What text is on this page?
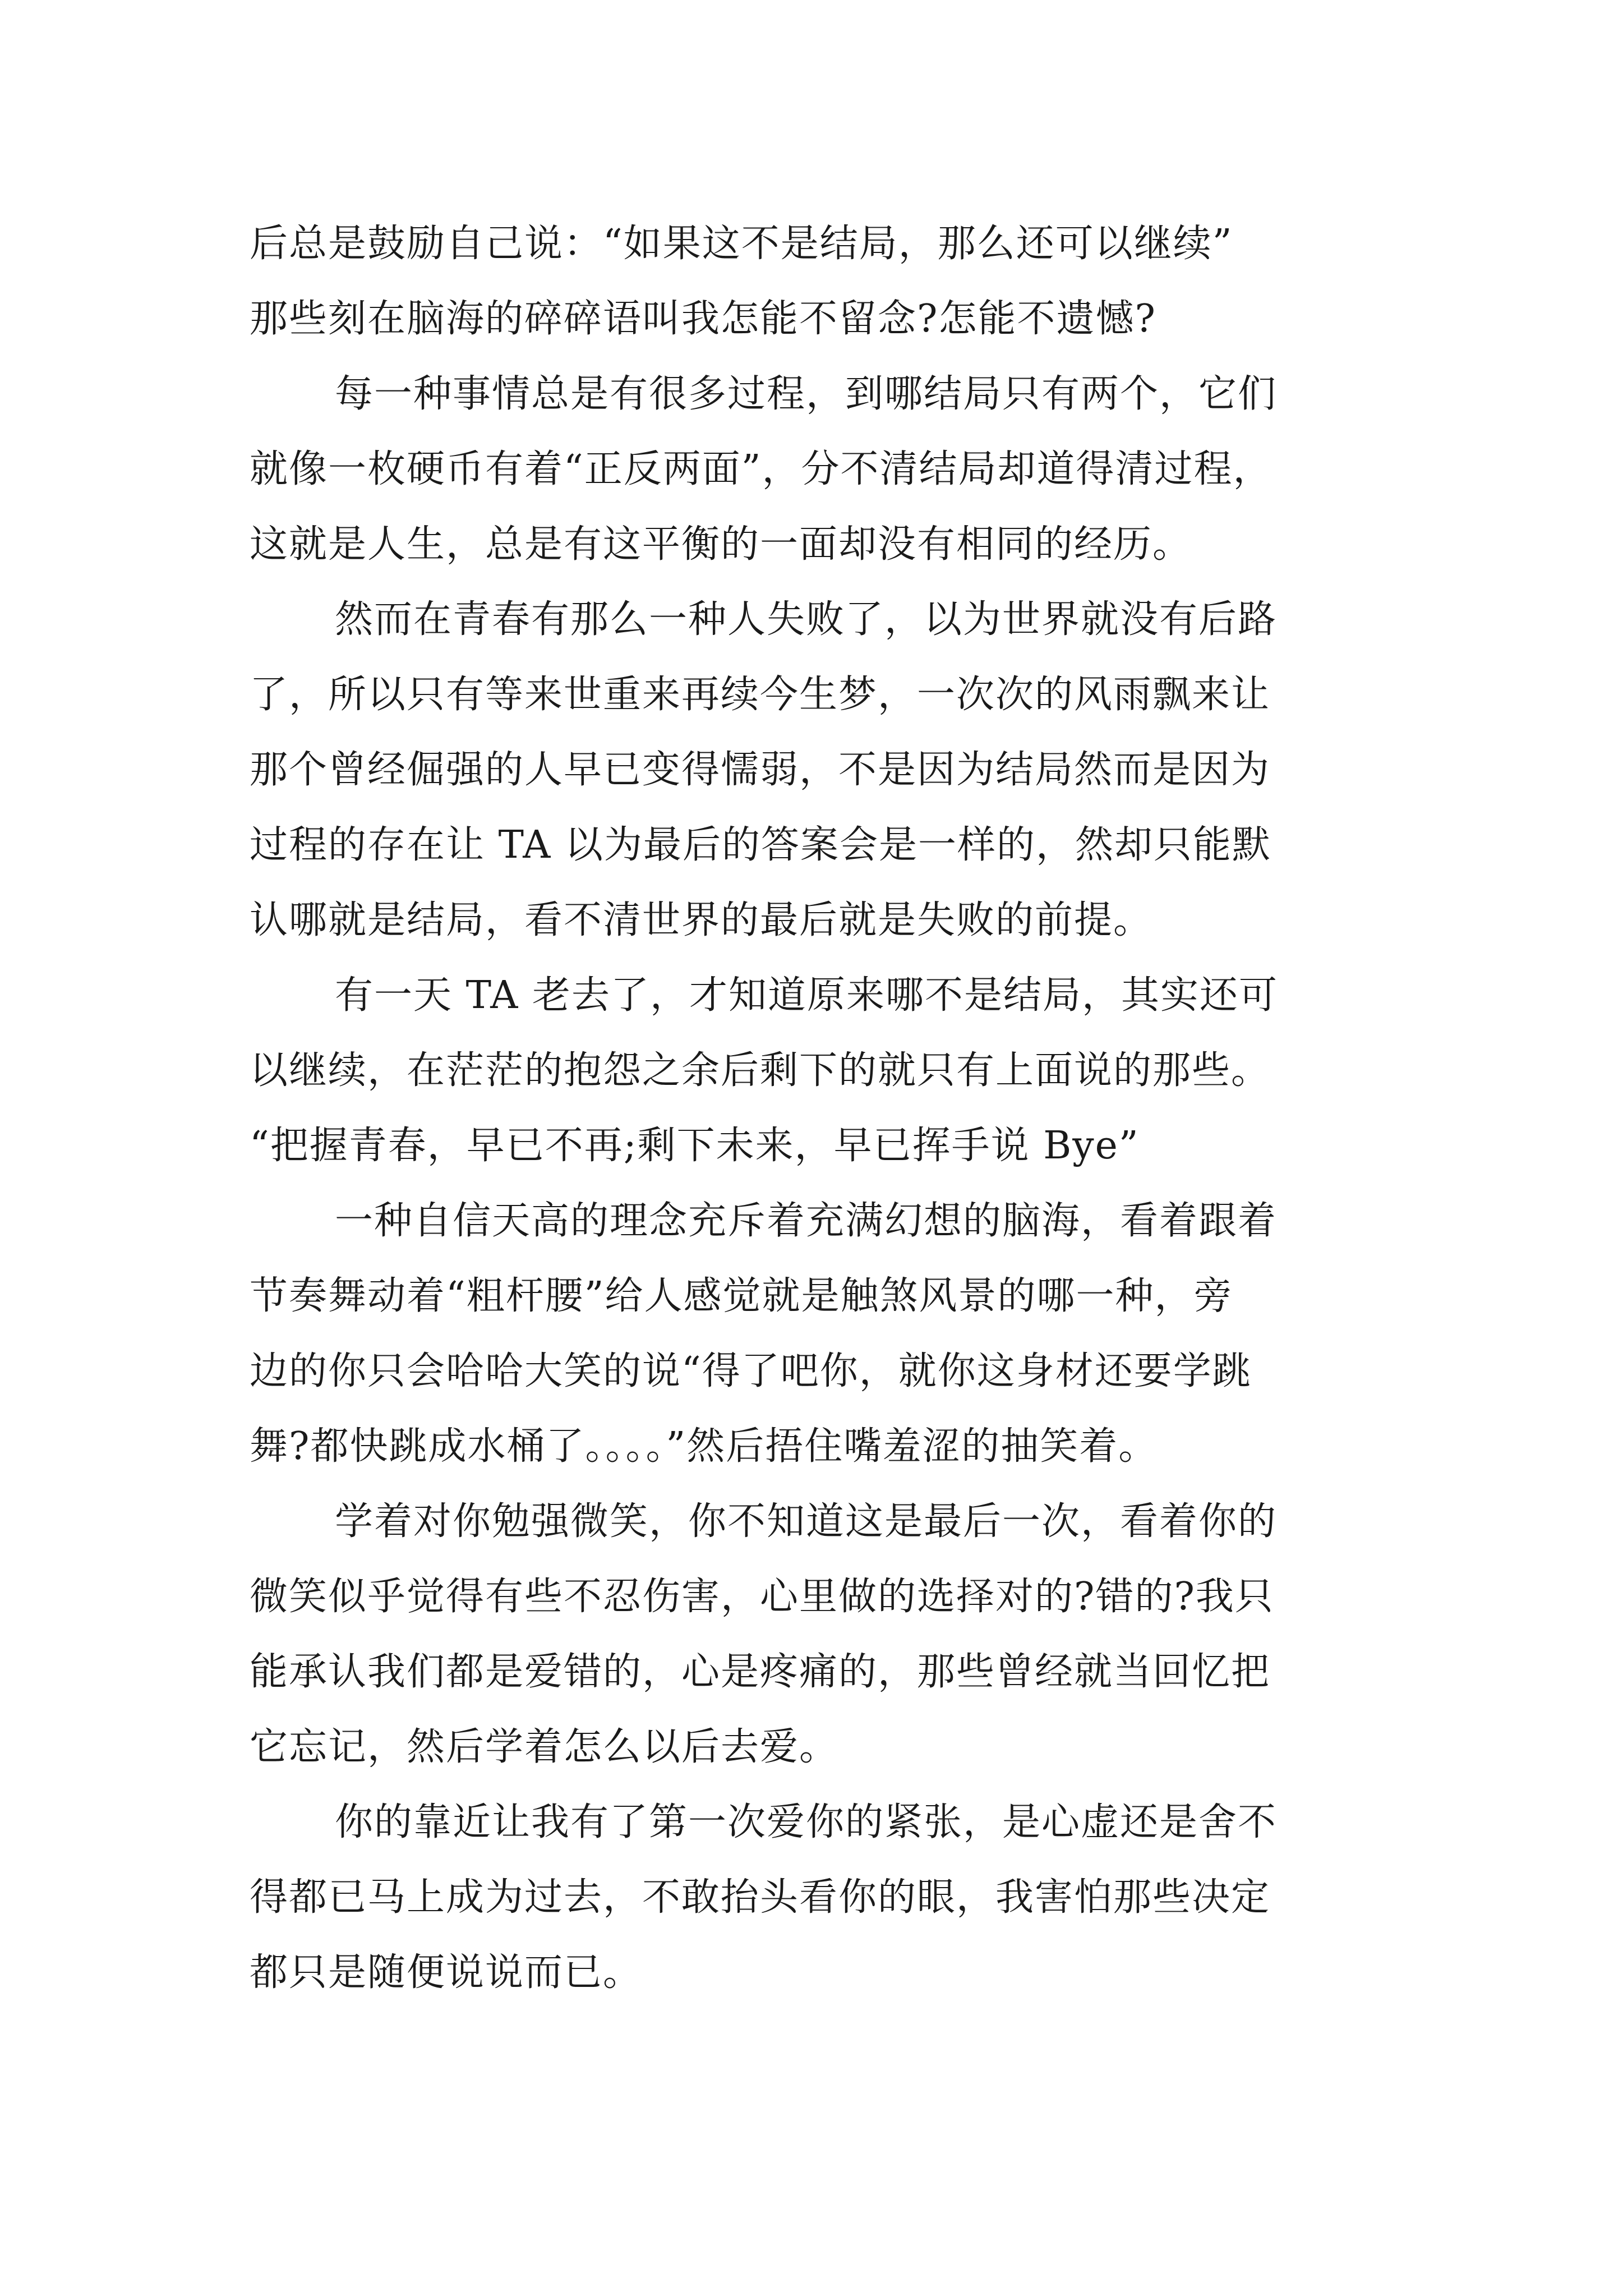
后总是鼓励自己说：“如果这不是结局，那么还可以继续”
那些刻在脑海的碎碎语叫我怎能不留念?怎能不遗憾?
每一种事情总是有很多过程，到哪结局只有两个，它们
就像一枚硬币有着“正反两面”，分不清结局却道得清过程，
这就是人生，总是有这平衡的一面却没有相同的经历。
然而在青春有那么一种人失败了，以为世界就没有后路
了，所以只有等来世重来再续今生梦，一次次的风雨飘来让
那个曾经倔强的人早已变得懦弱，不是因为结局然而是因为
过程的存在让 TA 以为最后的答案会是一样的，然却只能默
认哪就是结局，看不清世界的最后就是失败的前提。
有一天 TA 老去了，才知道原来哪不是结局，其实还可
以继续，在茫茫的抱怨之余后剩下的就只有上面说的那些。
“把握青春，早已不再;剩下未来，早已挥手说 Bye”
一种自信天高的理念充斥着充满幻想的脑海，看着跟着
节奏舞动着“粗杆腰”给人感觉就是触煞风景的哪一种，旁
边的你只会哈哈大笑的说“得了吧你，就你这身材还要学跳
舞?都快跳成水桶了。。。。”然后捂住嘴羞涩的抽笑着。
学着对你勉强微笑，你不知道这是最后一次，看着你的
微笑似乎觉得有些不忍伤害，心里做的选择对的?错的?我只
能承认我们都是爱错的，心是疼痛的，那些曾经就当回忆把
它忘记，然后学着怎么以后去爱。
你的靠近让我有了第一次爱你的紧张，是心虚还是舍不
得都已马上成为过去，不敢抬头看你的眼，我害怕那些决定
都只是随便说说而已。
